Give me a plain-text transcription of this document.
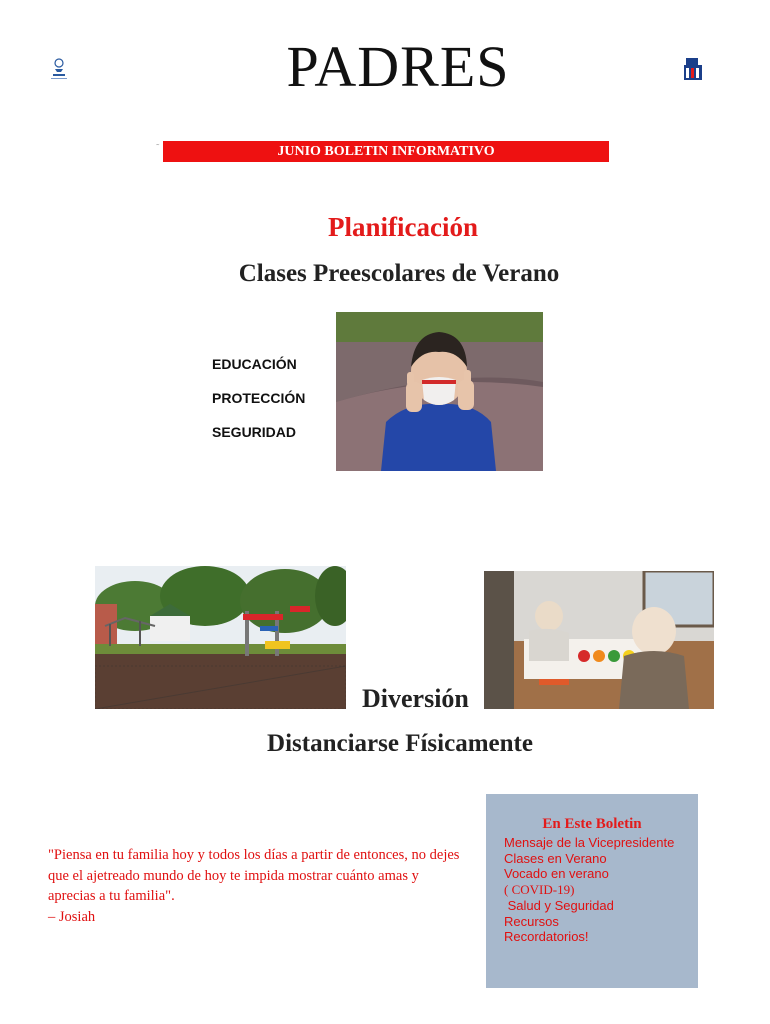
PADRES
˜	JUNIO BOLETIN INFORMATIVO
Planificación
Clases Preescolares de Verano
EDUCACIÓN
PROTECCIÓN
SEGURIDAD
Diversión
Distanciarse Físicamente
"Piensa en tu familia hoy y todos los días a partir de entonces, no dejes que el ajetreado mundo de hoy te impida mostrar cuánto amas y aprecias a tu familia".
– Josiah
En Este Boletin
Mensaje de la Vicepresidente
Clases en Verano
Vocado en verano
( COVID-19)
Salud y Seguridad
Recursos
Recordatorios!
